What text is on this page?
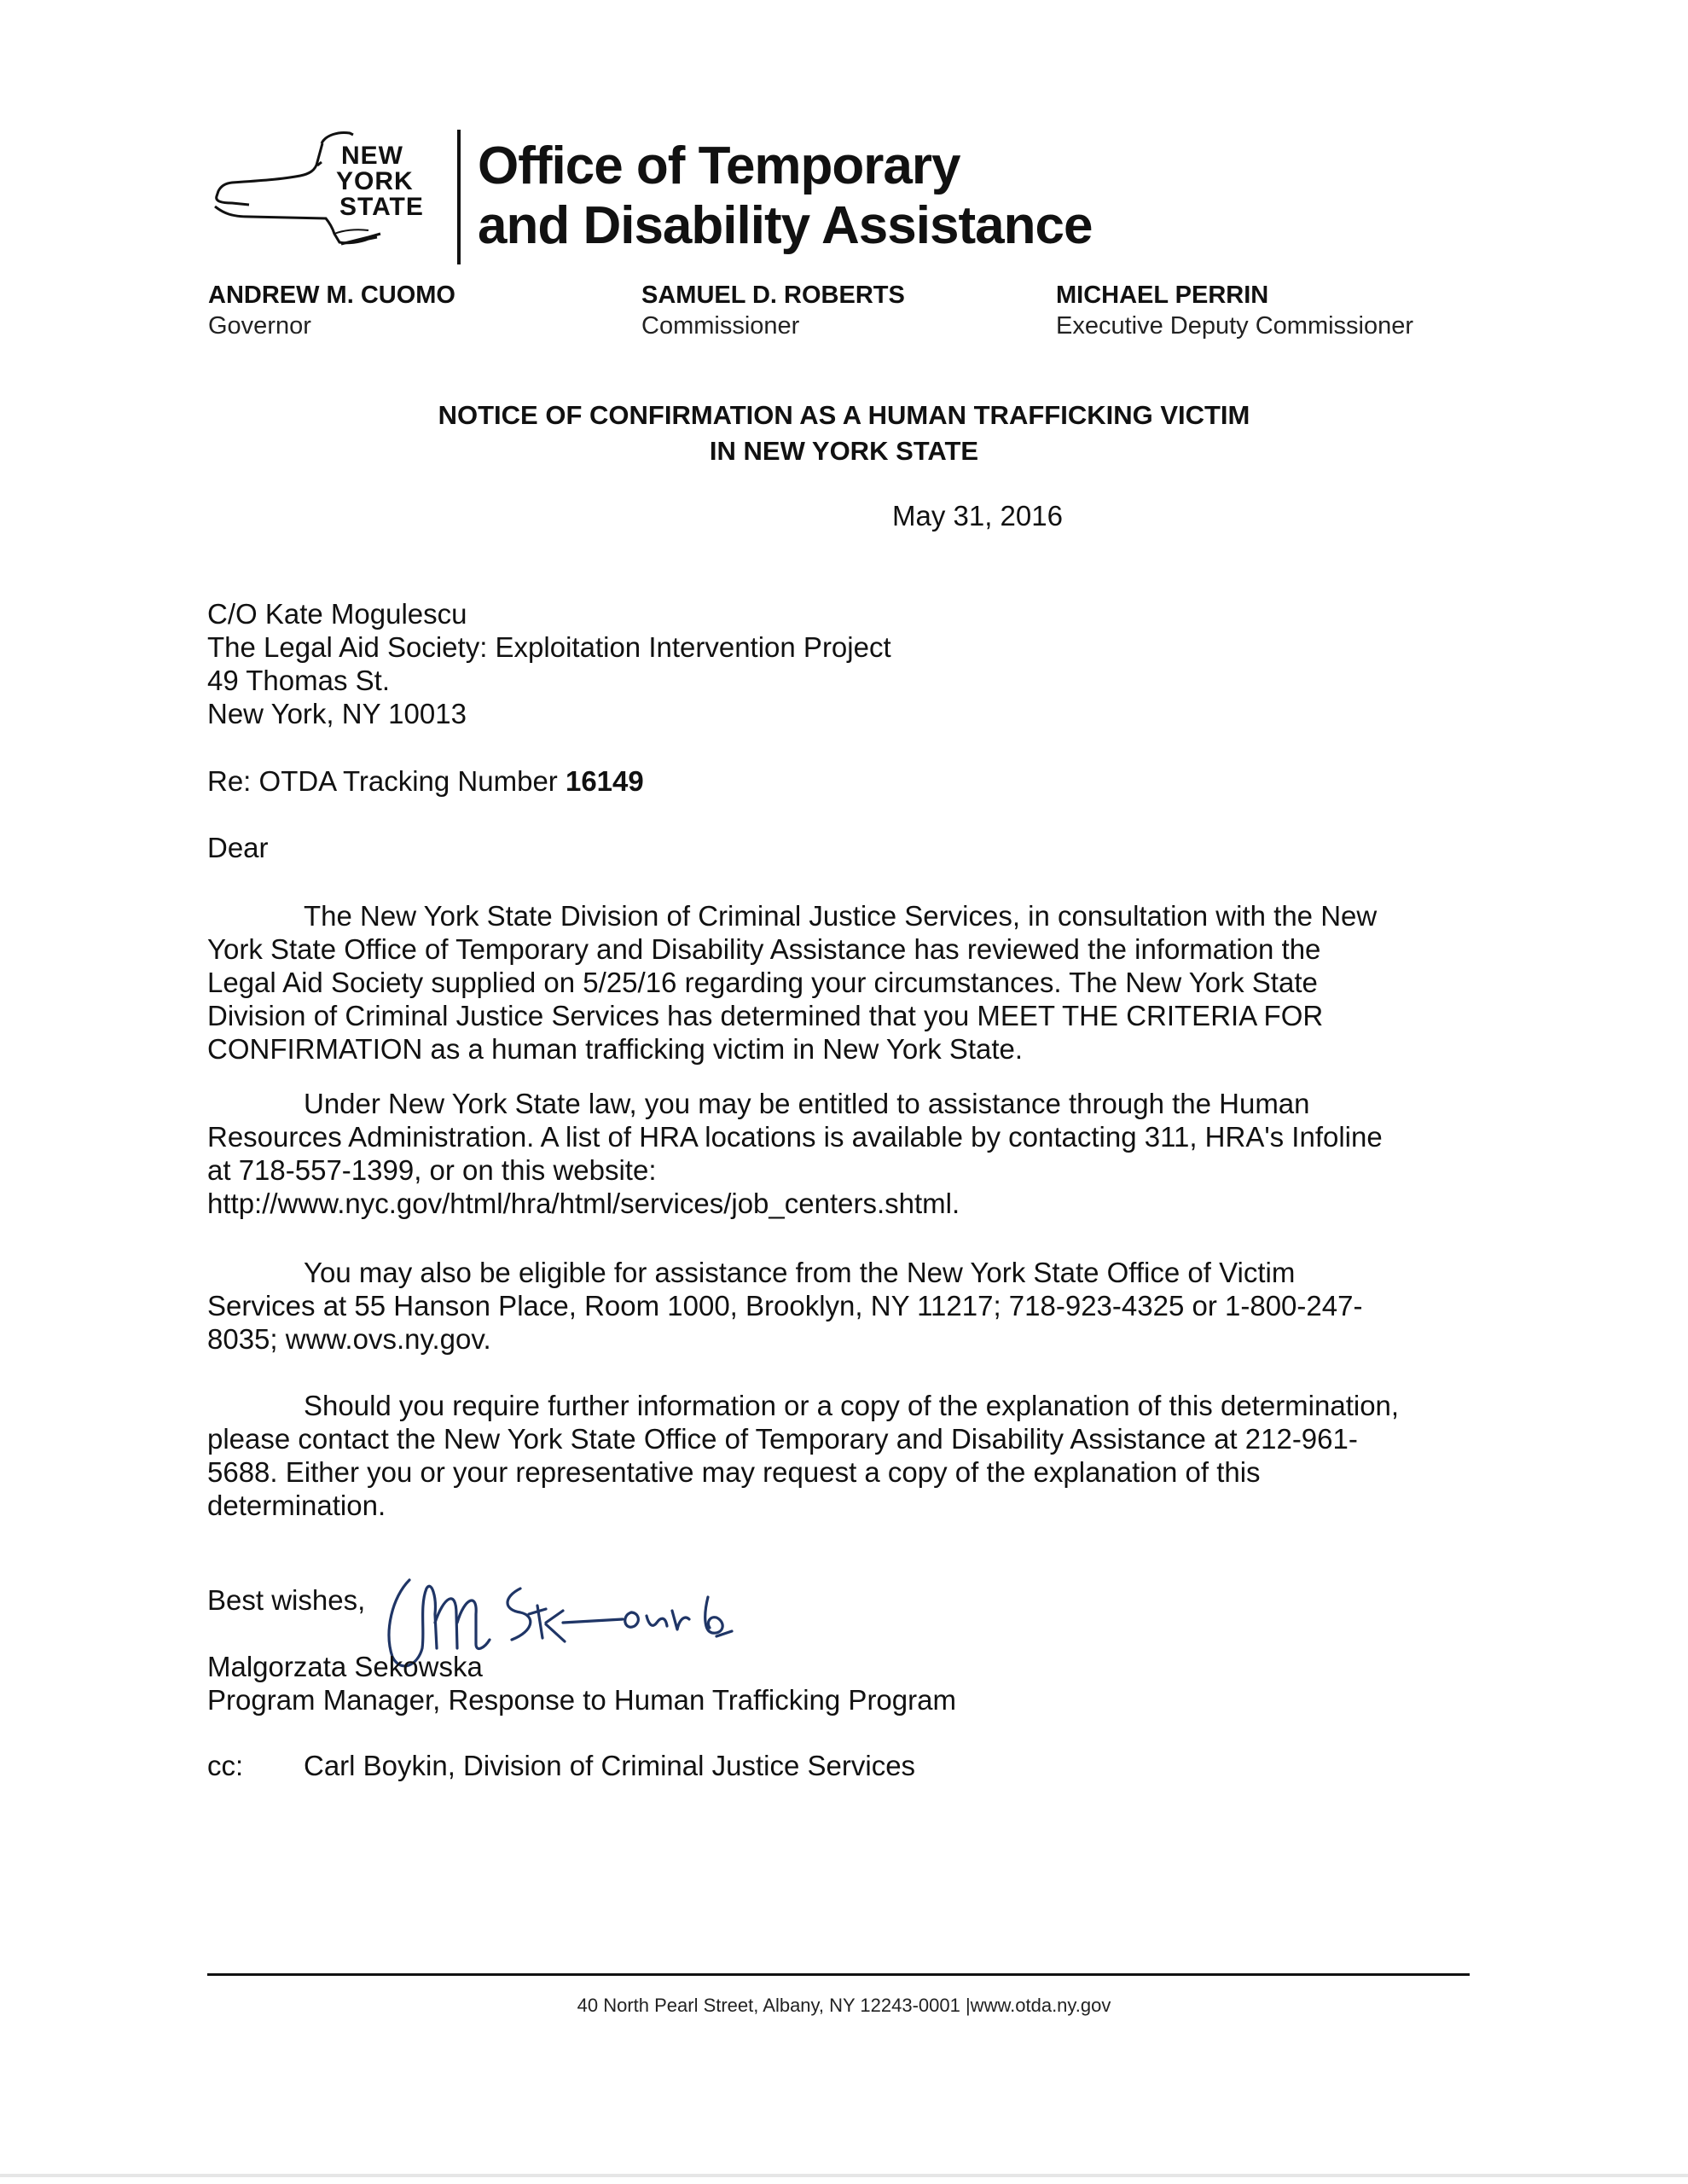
NEW
YORK
STATE
Office of Temporary
and Disability Assistance
ANDREW M. CUOMO
Governor
SAMUEL D. ROBERTS
Commissioner
MICHAEL PERRIN
Executive Deputy Commissioner
NOTICE OF CONFIRMATION AS A HUMAN TRAFFICKING VICTIM
IN NEW YORK STATE
May 31, 2016
C/O Kate Mogulescu
The Legal Aid Society: Exploitation Intervention Project
49 Thomas St.
New York, NY 10013
Re: OTDA Tracking Number 16149
Dear
The New York State Division of Criminal Justice Services, in consultation with the New
York State Office of Temporary and Disability Assistance has reviewed the information the
Legal Aid Society supplied on 5/25/16 regarding your circumstances. The New York State
Division of Criminal Justice Services has determined that you MEET THE CRITERIA FOR
CONFIRMATION as a human trafficking victim in New York State.
Under New York State law, you may be entitled to assistance through the Human
Resources Administration. A list of HRA locations is available by contacting 311, HRA's Infoline
at 718-557-1399, or on this website:
http://www.nyc.gov/html/hra/html/services/job_centers.shtml.
You may also be eligible for assistance from the New York State Office of Victim
Services at 55 Hanson Place, Room 1000, Brooklyn, NY 11217; 718-923-4325 or 1-800-247-
8035; www.ovs.ny.gov.
Should you require further information or a copy of the explanation of this determination,
please contact the New York State Office of Temporary and Disability Assistance at 212-961-
5688. Either you or your representative may request a copy of the explanation of this
determination.
Best wishes,
Malgorzata Sekowska
Program Manager, Response to Human Trafficking Program
cc: Carl Boykin, Division of Criminal Justice Services
40 North Pearl Street, Albany, NY 12243-0001 |www.otda.ny.gov
